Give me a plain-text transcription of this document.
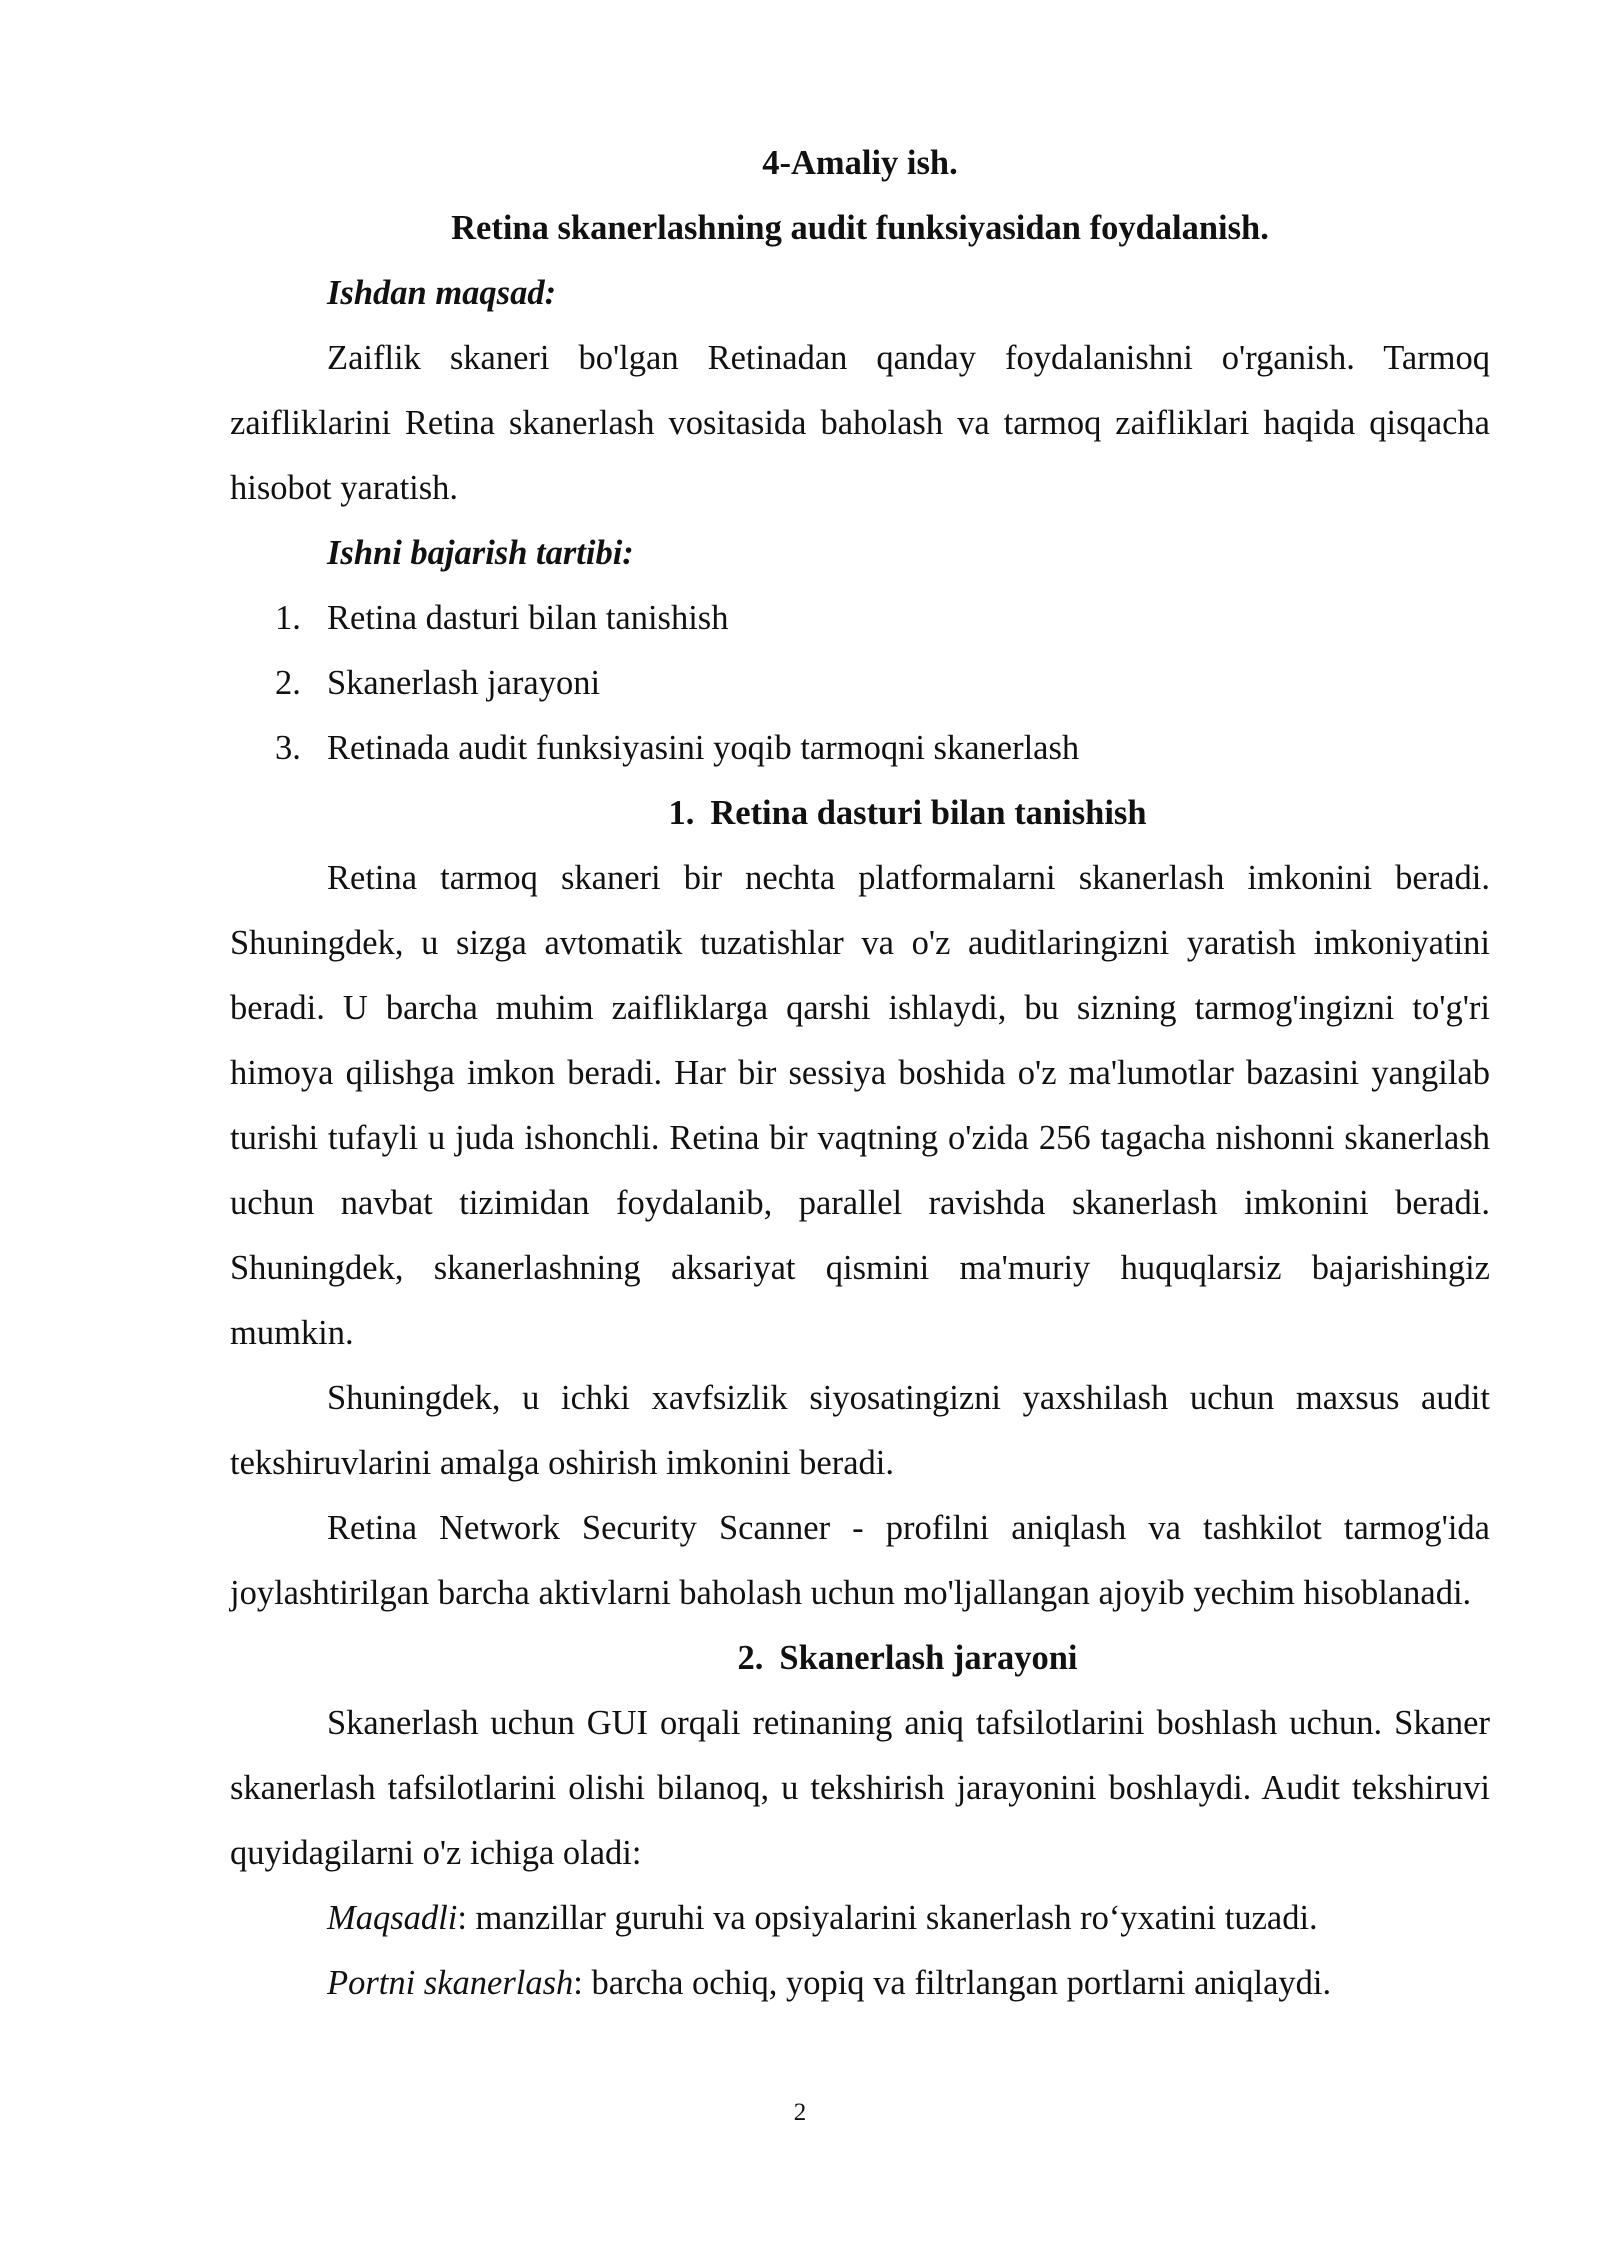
4-Amaliy ish.

Retina skanerlashning audit funksiyasidan foydalanish.

Ishdan maqsad:

Zaiflik skaneri bo'lgan Retinadan qanday foydalanishni o'rganish. Tarmoq zaifliklarini Retina skanerlash vositasida baholash va tarmoq zaifliklari haqida qisqacha hisobot yaratish.

Ishni bajarish tartibi:

1. Retina dasturi bilan tanishish
2. Skanerlash jarayoni
3. Retinada audit funksiyasini yoqib tarmoqni skanerlash

1. Retina dasturi bilan tanishish

Retina tarmoq skaneri bir nechta platformalarni skanerlash imkonini beradi. Shuningdek, u sizga avtomatik tuzatishlar va o'z auditlaringizni yaratish imkoniyatini beradi. U barcha muhim zaifliklarga qarshi ishlaydi, bu sizning tarmog'ingizni to'g'ri himoya qilishga imkon beradi. Har bir sessiya boshida o'z ma'lumotlar bazasini yangilab turishi tufayli u juda ishonchli. Retina bir vaqtning o'zida 256 tagacha nishonni skanerlash uchun navbat tizimidan foydalanib, parallel ravishda skanerlash imkonini beradi. Shuningdek, skanerlashning aksariyat qismini ma'muriy huquqlarsiz bajarishingiz mumkin.

Shuningdek, u ichki xavfsizlik siyosatingizni yaxshilash uchun maxsus audit tekshiruvlarini amalga oshirish imkonini beradi.

Retina Network Security Scanner - profilni aniqlash va tashkilot tarmog'ida joylashtirilgan barcha aktivlarni baholash uchun mo'ljallangan ajoyib yechim hisoblanadi.

2. Skanerlash jarayoni

Skanerlash uchun GUI orqali retinaning aniq tafsilotlarini boshlash uchun. Skaner skanerlash tafsilotlarini olishi bilanoq, u tekshirish jarayonini boshlaydi. Audit tekshiruvi quyidagilarni o'z ichiga oladi:

Maqsadli: manzillar guruhi va opsiyalarini skanerlash ro‘yxatini tuzadi.

Portni skanerlash: barcha ochiq, yopiq va filtrlangan portlarni aniqlaydi.

2
